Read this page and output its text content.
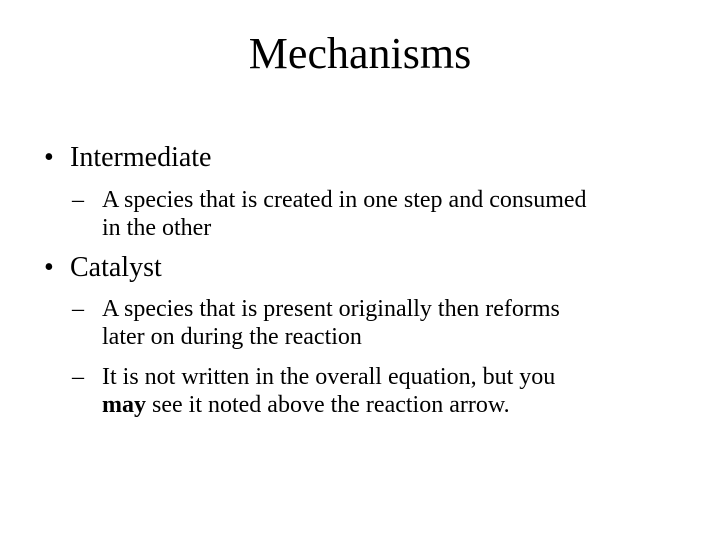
Mechanisms
• Intermediate
– A species that is created in one step and consumed
in the other
• Catalyst
– A species that is present originally then reforms
later on during the reaction
– It is not written in the overall equation, but you
may see it noted above the reaction arrow.
